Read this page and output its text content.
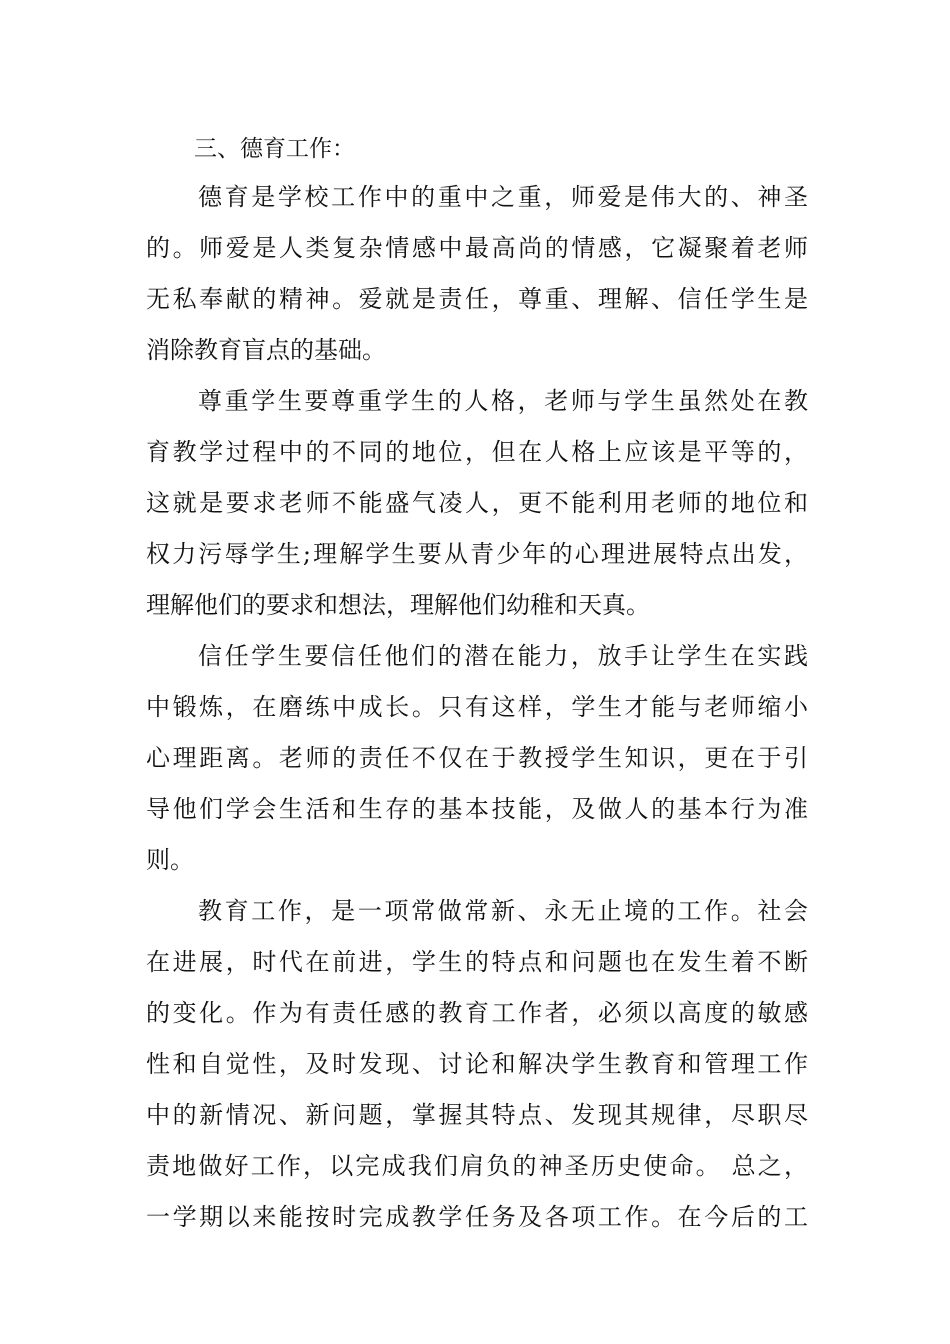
三、德育工作：
德育是学校工作中的重中之重，师爱是伟大的、神圣
的。师爱是人类复杂情感中最高尚的情感，它凝聚着老师
无私奉献的精神。爱就是责任，尊重、理解、信任学生是
消除教育盲点的基础。
尊重学生要尊重学生的人格，老师与学生虽然处在教
育教学过程中的不同的地位，但在人格上应该是平等的，
这就是要求老师不能盛气凌人，更不能利用老师的地位和
权力污辱学生;理解学生要从青少年的心理进展特点出发，
理解他们的要求和想法，理解他们幼稚和天真。
信任学生要信任他们的潜在能力，放手让学生在实践
中锻炼，在磨练中成长。只有这样，学生才能与老师缩小
心理距离。老师的责任不仅在于教授学生知识，更在于引
导他们学会生活和生存的基本技能，及做人的基本行为准
则。
教育工作，是一项常做常新、永无止境的工作。社会
在进展，时代在前进，学生的特点和问题也在发生着不断
的变化。作为有责任感的教育工作者，必须以高度的敏感
性和自觉性，及时发现、讨论和解决学生教育和管理工作
中的新情况、新问题，掌握其特点、发现其规律，尽职尽
责地做好工作，以完成我们肩负的神圣历史使命。 总之，
一学期以来能按时完成教学任务及各项工作。在今后的工
